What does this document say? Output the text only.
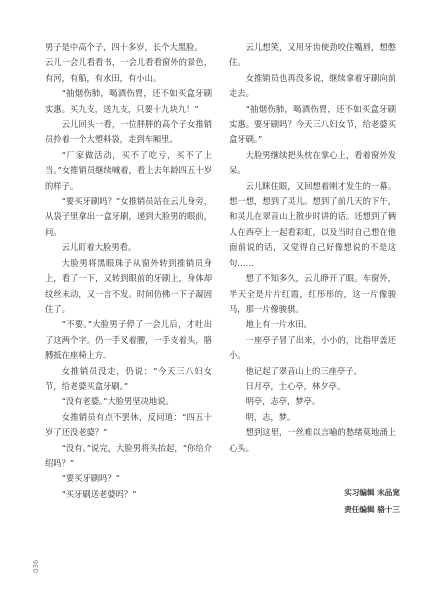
男子是中高个子，四十多岁，长个大黑脸。

云儿一会儿看看书，一会儿看看窗外的景色，有河，有船，有水田，有小山。

“抽烟伤肺，喝酒伤胃，还不如买盒牙刷实惠。买九支，送九支，只要十九块九！”

云儿回头一看，一位胖胖的高个子女推销员拎着一个大塑料袋，走到车厢里。

“厂家做活动，买不了吃亏，买不了上当。”女推销员继续喊着，看上去年龄四五十岁的样子。

“要买牙刷吗？”女推销员站在云儿身旁，从袋子里拿出一盒牙刷，递到大脸男的眼前，问。

云儿盯着大脸男看。

大脸男将黑眼珠子从窗外转到推销员身上，看了一下，又转到眼前的牙刷上，身体却纹丝未动，又一言不发。时间仿佛一下子凝固住了。

“不要。”大脸男子停了一会儿后，才吐出了这两个字。仍一手叉着腰，一手支着头，胳膊抵在座椅上方。

女推销员没走，仍说：“今天三八妇女节，给老婆买盒牙刷。”

“没有老婆。”大脸男坚决地说。

女推销员有点不罢休，反问道：“四五十岁了还没老婆？”

“没有。”说完，大脸男将头抬起，“你给介绍吗？”

“要买牙刷吗？”

“买牙刷送老婆吗？”

云儿想笑，又用牙齿使劲咬住嘴唇，想憋住。

女推销员也再没多说，继续拿着牙刷向前走去。

“抽烟伤肺，喝酒伤胃，还不如买盒牙刷实惠。要牙刷吗？今天三八妇女节，给老婆买盒牙刷。”

大脸男继续把头枕在掌心上，看着窗外发呆。

云儿眯住眼，又回想着刚才发生的一幕。想一想，想到了灵儿。想到了前几天的下午，和灵儿在翠音山上散步时讲的话。还想到了俩人在西亭上一起看彩虹，以及当时自己想在他面前说的话，又觉得自己好像想说的不是这句……

想了不知多久，云儿睁开了眼。车窗外，半天全是片片红霞，红彤彤的，这一片像骏马，那一片像骏骐。

地上有一片水田。

一座亭子冒了出来，小小的，比指甲盖还小。

他记起了翠音山上的三座亭子。

日月亭，士心亭，林夕亭。

明亭，志亭，梦亭。

明，志，梦。

想到这里，一丝难以言喻的愁绪莫地涌上心头。

实习编辑 末品宽
责任编辑 骆十三
036
